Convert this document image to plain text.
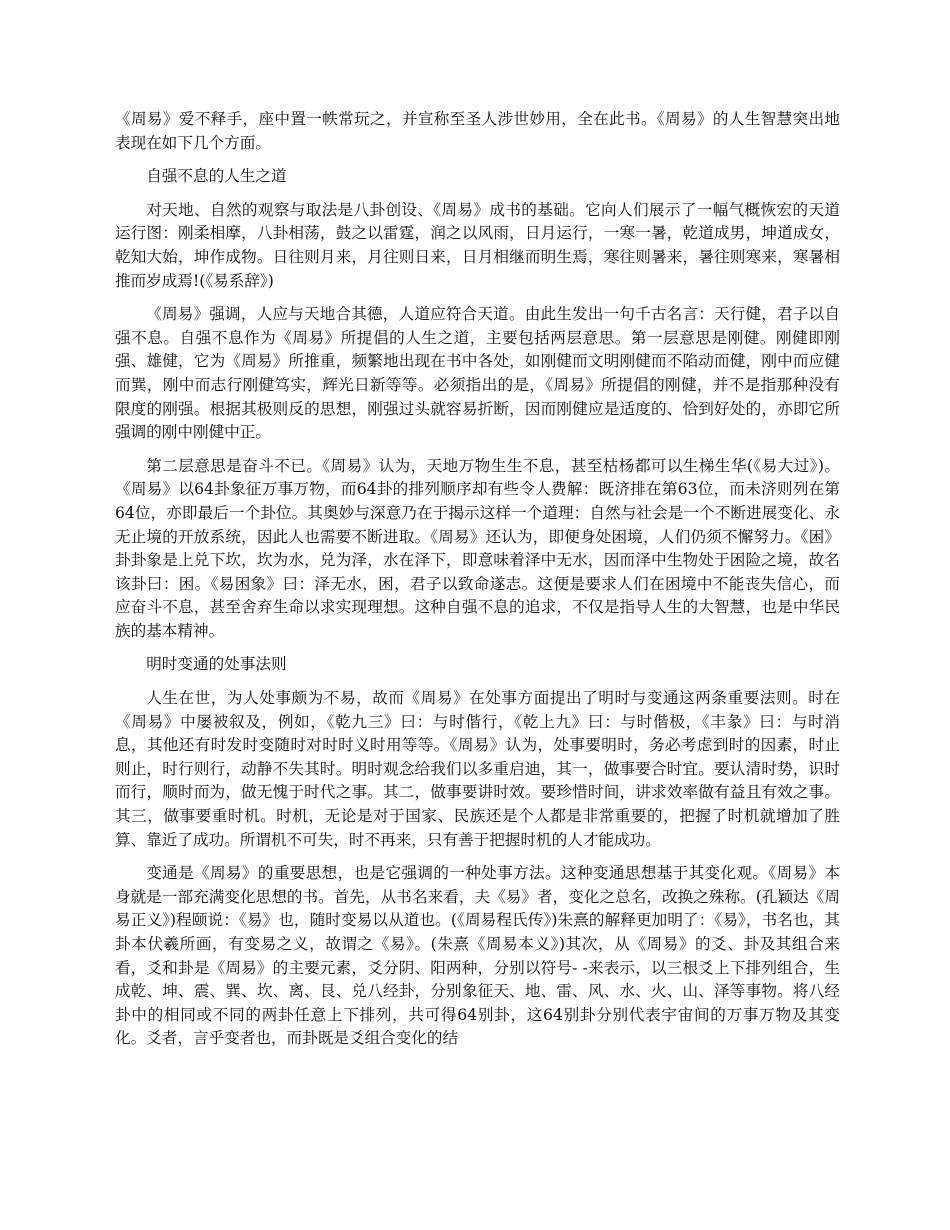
《周易》爱不释手，座中置一帙常玩之，并宣称至圣人涉世妙用，全在此书。《周易》的人生智慧突出地表现在如下几个方面。

自强不息的人生之道

对天地、自然的观察与取法是八卦创设、《周易》成书的基础。它向人们展示了一幅气概恢宏的天道运行图：刚柔相摩，八卦相荡，鼓之以雷霆，润之以风雨，日月运行，一寒一暑，乾道成男，坤道成女，乾知大始，坤作成物。日往则月来，月往则日来，日月相继而明生焉，寒往则暑来，暑往则寒来，寒暑相推而岁成焉!(《易系辞》)

《周易》强调，人应与天地合其德，人道应符合天道。由此生发出一句千古名言：天行健，君子以自强不息。自强不息作为《周易》所提倡的人生之道，主要包括两层意思。第一层意思是刚健。刚健即刚强、雄健，它为《周易》所推重，频繁地出现在书中各处，如刚健而文明刚健而不陷动而健，刚中而应健而巽，刚中而志行刚健笃实，辉光日新等等。必须指出的是，《周易》所提倡的刚健，并不是指那种没有限度的刚强。根据其极则反的思想，刚强过头就容易折断，因而刚健应是适度的、恰到好处的，亦即它所强调的刚中刚健中正。

第二层意思是奋斗不已。《周易》认为，天地万物生生不息，甚至枯杨都可以生梯生华(《易大过》)。《周易》以64卦象征万事万物，而64卦的排列顺序却有些令人费解：既济排在第63位，而未济则列在第64位，亦即最后一个卦位。其奥妙与深意乃在于揭示这样一个道理：自然与社会是一个不断进展变化、永无止境的开放系统，因此人也需要不断进取。《周易》还认为，即便身处困境，人们仍须不懈努力。《困》卦卦象是上兑下坎，坎为水，兑为泽，水在泽下，即意味着泽中无水，因而泽中生物处于困险之境，故名该卦曰：困。《易困象》曰：泽无水，困，君子以致命遂志。这便是要求人们在困境中不能丧失信心，而应奋斗不息，甚至舍弃生命以求实现理想。这种自强不息的追求，不仅是指导人生的大智慧，也是中华民族的基本精神。

明时变通的处事法则

人生在世，为人处事颇为不易，故而《周易》在处事方面提出了明时与变通这两条重要法则。时在《周易》中屡被叙及，例如，《乾九三》曰：与时偕行，《乾上九》曰：与时偕极，《丰彖》曰：与时消息，其他还有时发时变随时对时时义时用等等。《周易》认为，处事要明时，务必考虑到时的因素，时止则止，时行则行，动静不失其时。明时观念给我们以多重启迪，其一，做事要合时宜。要认清时势，识时而行，顺时而为，做无愧于时代之事。其二，做事要讲时效。要珍惜时间，讲求效率做有益且有效之事。其三，做事要重时机。时机，无论是对于国家、民族还是个人都是非常重要的，把握了时机就增加了胜算、靠近了成功。所谓机不可失，时不再来，只有善于把握时机的人才能成功。

变通是《周易》的重要思想，也是它强调的一种处事方法。这种变通思想基于其变化观。《周易》本身就是一部充满变化思想的书。首先，从书名来看，夫《易》者，变化之总名，改换之殊称。(孔颖达《周易正义》)程颐说：《易》也，随时变易以从道也。(《周易程氏传》)朱熹的解释更加明了：《易》，书名也，其卦本伏羲所画，有变易之义，故谓之《易》。(朱熹《周易本义》)其次，从《周易》的爻、卦及其组合来看，爻和卦是《周易》的主要元素，爻分阴、阳两种，分别以符号- -来表示，以三根爻上下排列组合，生成乾、坤、震、巽、坎、离、艮、兑八经卦，分别象征天、地、雷、风、水、火、山、泽等事物。将八经卦中的相同或不同的两卦任意上下排列，共可得64别卦，这64别卦分别代表宇宙间的万事万物及其变化。爻者，言乎变者也，而卦既是爻组合变化的结
